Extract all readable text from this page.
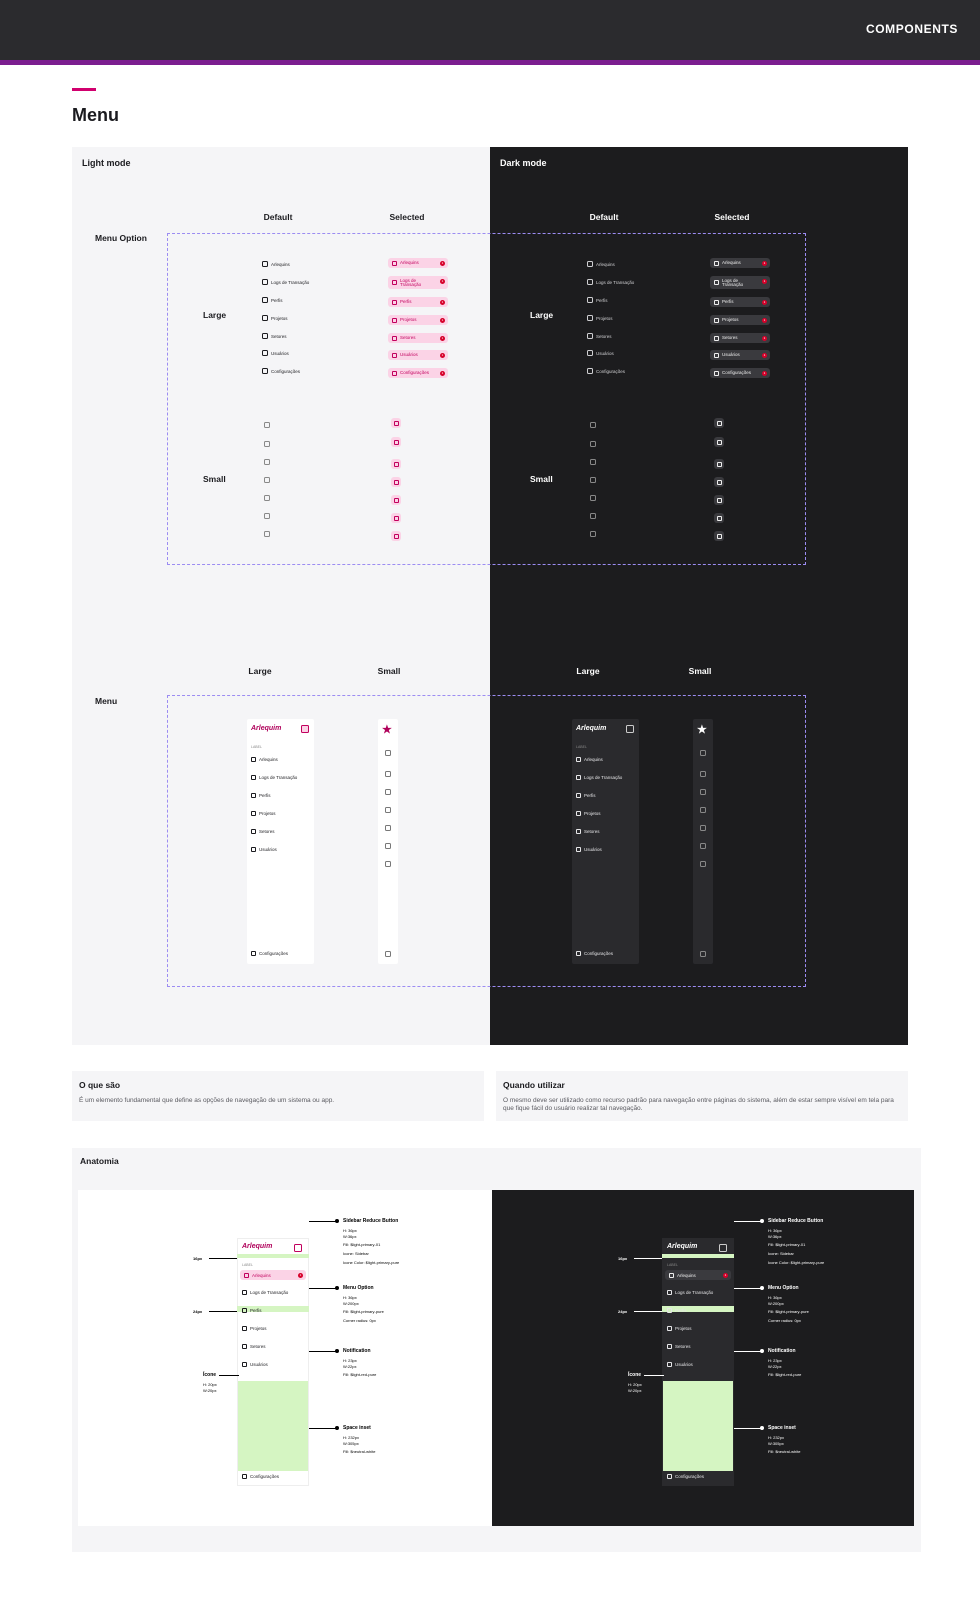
COMPONENTS
Menu
Light mode	Dark mode
Default	Selected	Default	Selected
Menu Option
Large	Large
Small	Small
Arlequins
Logs de Transação
Perfis
Projetos
Setores
Usuários
Configurações
Arlequins
Logs de Transação
Perfis
Projetos
Setores
Usuários
Configurações
Arlequins	1
Logs de
Transação
1
Perfis	1
Projetos	1
Setores	1
Usuários	1
Configurações	1
Arlequins	1
Logs de
Transação
1
Perfis	1
Projetos	1
Setores	1
Usuários	1
Configurações	1
Large	Small	Large	Small
Menu
Arlequim
LABEL
Arlequins
Logs de Transação
Perfis
Projetos
Setores
Usuários
Configurações
★	Arlequim
LABEL
Arlequins
Logs de Transação
Perfis
Projetos
Setores
Usuários
Configurações
★
O que são
É um elemento fundamental que define as opções de navegação de um sistema ou app.
Quando utilizar
O mesmo deve ser utilizado como recurso padrão para navegação entre páginas do sistema, além de estar sempre visível em tela para que fique fácil do usuário realizar tal navegação.
Anatomia
Arlequim
LABEL
Arlequins	1
Logs de Transação
Perfis
Projetos
Setores
Usuários
Configurações
16px
24px
Ícone
H: 20px
W:20px
Sidebar Reduce Button
H: 36px
W:36px
Fill: $light-primary-01
Icone: Sidebar
Icone Color: $light-primary-pure
Menu Option
H: 36px
W:200px
Fill: $light-primary-pure
Corner radius: 0px
Notification
H: 23px
W:22px
Fill: $light-red-pure
Space inset
H: 232px
W:305px
Fill: $neutral-white
Arlequim
LABEL
Arlequins	1
Logs de Transação
Perfis
Projetos
Setores
Usuários
Configurações
16px
24px
Ícone
H: 20px
W:20px
Sidebar Reduce Button
H: 36px
W:36px
Fill: $light-primary-01
Icone: Sidebar
Icone Color: $light-primary-pure
Menu Option
H: 36px
W:200px
Fill: $light-primary-pure
Corner radius: 0px
Notification
H: 23px
W:22px
Fill: $light-red-pure
Space inset
H: 232px
W:305px
Fill: $neutral-white
